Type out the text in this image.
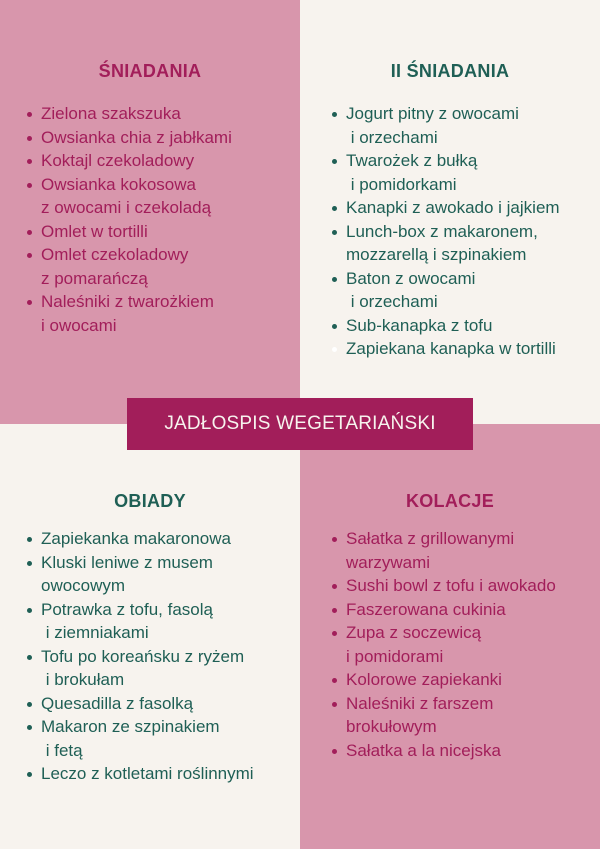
ŚNIADANIA
Zielona szakszuka
Owsianka chia z jabłkami
Koktajl czekoladowy
Owsianka kokosowa
z owocami i czekoladą
Omlet w tortilli
Omlet czekoladowy
z pomarańczą
Naleśniki z twarożkiem
i owocami
II ŚNIADANIA
Jogurt pitny z owocami
i orzechami
Twarożek z bułką
i pomidorkami
Kanapki z awokado i jajkiem
Lunch-box z makaronem,
mozzarellą i szpinakiem
Baton z owocami
i orzechami
Sub-kanapka z tofu
Zapiekana kanapka w tortilli
OBIADY
Zapiekanka makaronowa
Kluski leniwe z musem
owocowym
Potrawka z tofu, fasolą
i ziemniakami
Tofu po koreańsku z ryżem
i brokułam
Quesadilla z fasolką
Makaron ze szpinakiem
i fetą
Leczo z kotletami roślinnymi
KOLACJE
Sałatka z grillowanymi
warzywami
Sushi bowl z tofu i awokado
Faszerowana cukinia
Zupa z soczewicą
i pomidorami
Kolorowe zapiekanki
Naleśniki z farszem
brokułowym
Sałatka a la nicejska
JADŁOSPIS WEGETARIAŃSKI
